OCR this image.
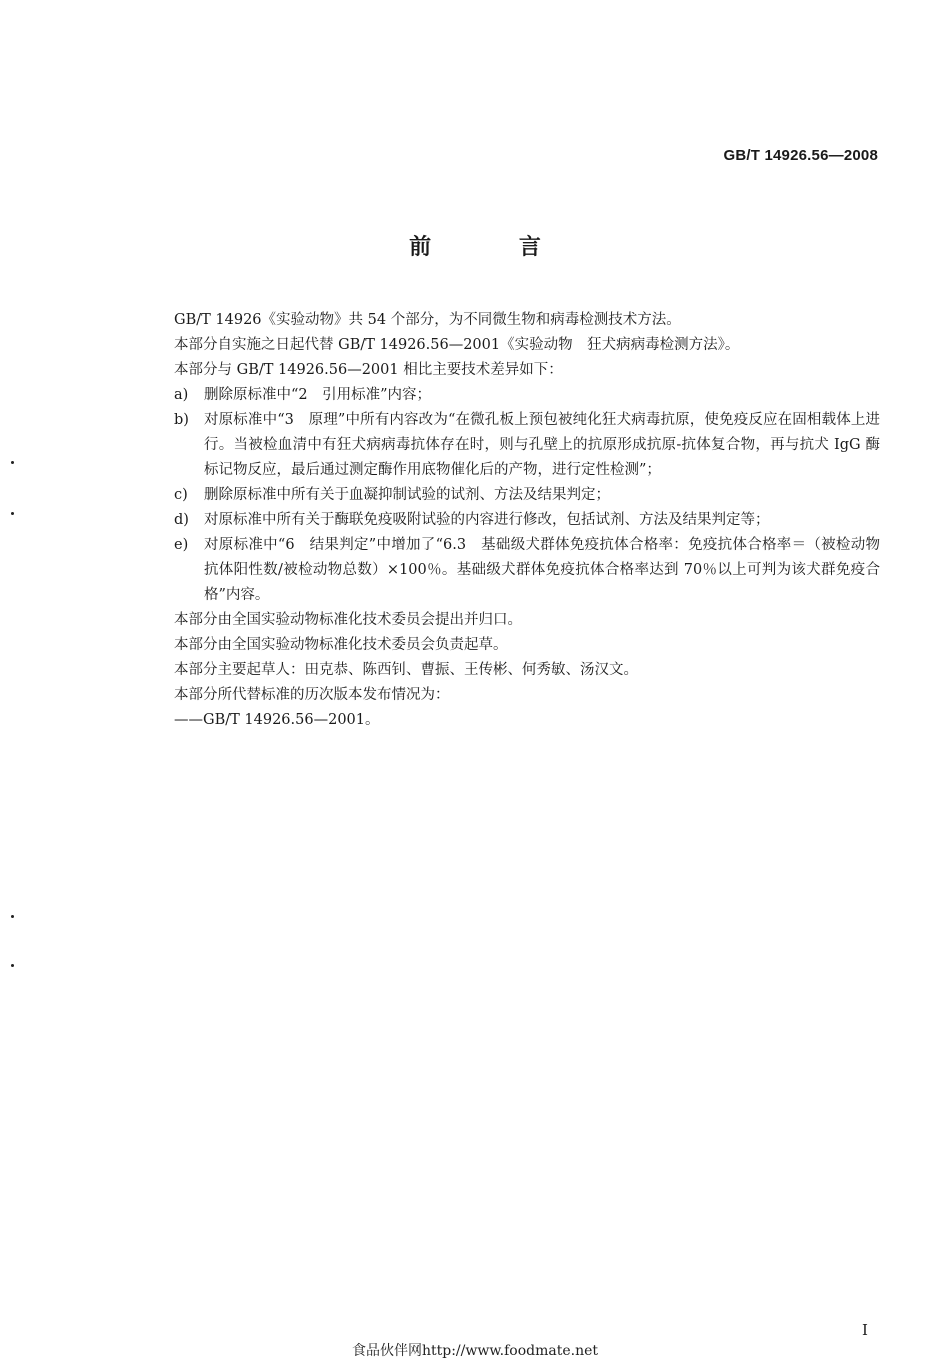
GB/T 14926.56—2008
前 言

GB/T 14926《实验动物》共 54 个部分，为不同微生物和病毒检测技术方法。

本部分自实施之日起代替 GB/T 14926.56—2001《实验动物　狂犬病病毒检测方法》。

本部分与 GB/T 14926.56—2001 相比主要技术差异如下：

a)	删除原标准中“2　引用标准”内容；
b)	对原标准中“3　原理”中所有内容改为“在微孔板上预包被纯化狂犬病毒抗原，使免疫反应在固相载体上进行。当被检血清中有狂犬病病毒抗体存在时，则与孔壁上的抗原形成抗原-抗体复合物，再与抗犬 IgG 酶标记物反应，最后通过测定酶作用底物催化后的产物，进行定性检测”；
c)	删除原标准中所有关于血凝抑制试验的试剂、方法及结果判定；
d)	对原标准中所有关于酶联免疫吸附试验的内容进行修改，包括试剂、方法及结果判定等；
e)	对原标准中“6　结果判定”中增加了“6.3　基础级犬群体免疫抗体合格率：免疫抗体合格率＝（被检动物抗体阳性数/被检动物总数）×100％。基础级犬群体免疫抗体合格率达到 70％以上可判为该犬群免疫合格”内容。

本部分由全国实验动物标准化技术委员会提出并归口。

本部分由全国实验动物标准化技术委员会负责起草。

本部分主要起草人：田克恭、陈西钊、曹振、王传彬、何秀敏、汤汉文。

本部分所代替标准的历次版本发布情况为：

——GB/T 14926.56—2001。

I
食品伙伴网http://www.foodmate.net
